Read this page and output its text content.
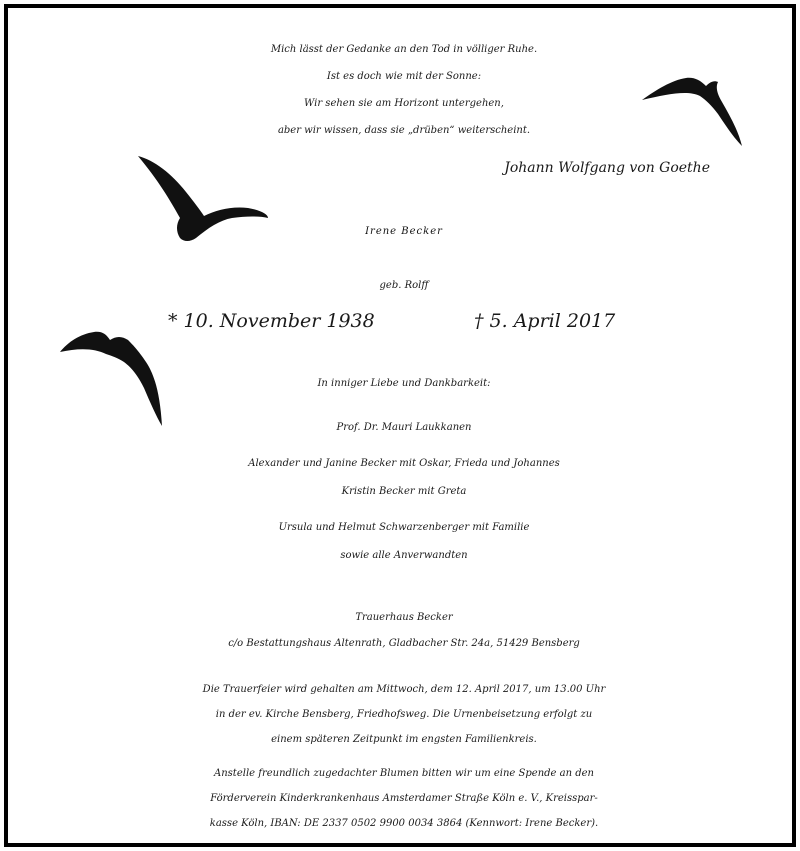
Mich lässt der Gedanke an den Tod in völliger Ruhe.

Ist es doch wie mit der Sonne:

Wir sehen sie am Horizont untergehen,

aber wir wissen, dass sie „drüben“ weiterscheint.

Johann Wolfgang von Goethe

Irene Becker

geb. Rolff

* 10. November 1938	† 5. April 2017

In inniger Liebe und Dankbarkeit:

Prof. Dr. Mauri Laukkanen

Alexander und Janine Becker mit Oskar, Frieda und Johannes

Kristin Becker mit Greta

Ursula und Helmut Schwarzenberger mit Familie

sowie alle Anverwandten

Trauerhaus Becker

c/o Bestattungshaus Altenrath, Gladbacher Str. 24a, 51429 Bensberg

Die Trauerfeier wird gehalten am Mittwoch, dem 12. April 2017, um 13.00 Uhr

in der ev. Kirche Bensberg, Friedhofsweg. Die Urnenbeisetzung erfolgt zu

einem späteren Zeitpunkt im engsten Familienkreis.

Anstelle freundlich zugedachter Blumen bitten wir um eine Spende an den

Förderverein Kinderkrankenhaus Amsterdamer Straße Köln e. V., Kreisspar-

kasse Köln, IBAN: DE 2337 0502 9900 0034 3864 (Kennwort: Irene Becker).
